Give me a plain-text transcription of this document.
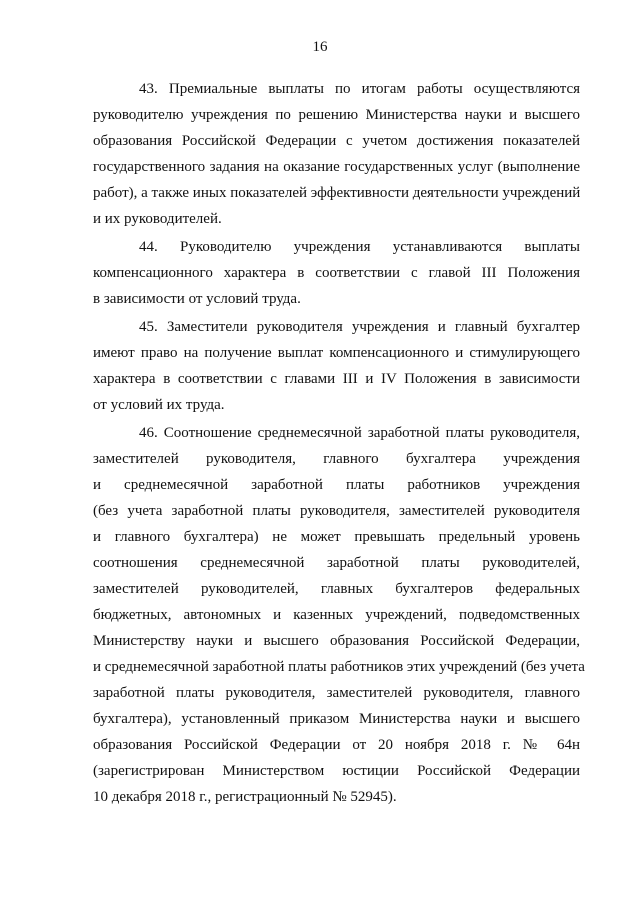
16
43. Премиальные выплаты по итогам работы осуществляются
руководителю учреждения по решению Министерства науки и высшего
образования Российской Федерации с учетом достижения показателей
государственного задания на оказание государственных услуг (выполнение
работ), а также иных показателей эффективности деятельности учреждений
и их руководителей.
44. Руководителю учреждения устанавливаются выплаты
компенсационного характера в соответствии с главой III Положения
в зависимости от условий труда.
45. Заместители руководителя учреждения и главный бухгалтер
имеют право на получение выплат компенсационного и стимулирующего
характера в соответствии с главами III и IV Положения в зависимости
от условий их труда.
46. Соотношение среднемесячной заработной платы руководителя,
заместителей руководителя, главного бухгалтера учреждения
и среднемесячной заработной платы работников учреждения
(без учета заработной платы руководителя, заместителей руководителя
и главного бухгалтера) не может превышать предельный уровень
соотношения среднемесячной заработной платы руководителей,
заместителей руководителей, главных бухгалтеров федеральных
бюджетных, автономных и казенных учреждений, подведомственных
Министерству науки и высшего образования Российской Федерации,
и среднемесячной заработной платы работников этих учреждений (без учета
заработной платы руководителя, заместителей руководителя, главного
бухгалтера), установленный приказом Министерства науки и высшего
образования Российской Федерации от 20 ноября 2018 г. № 64н
(зарегистрирован Министерством юстиции Российской Федерации
10 декабря 2018 г., регистрационный № 52945).
